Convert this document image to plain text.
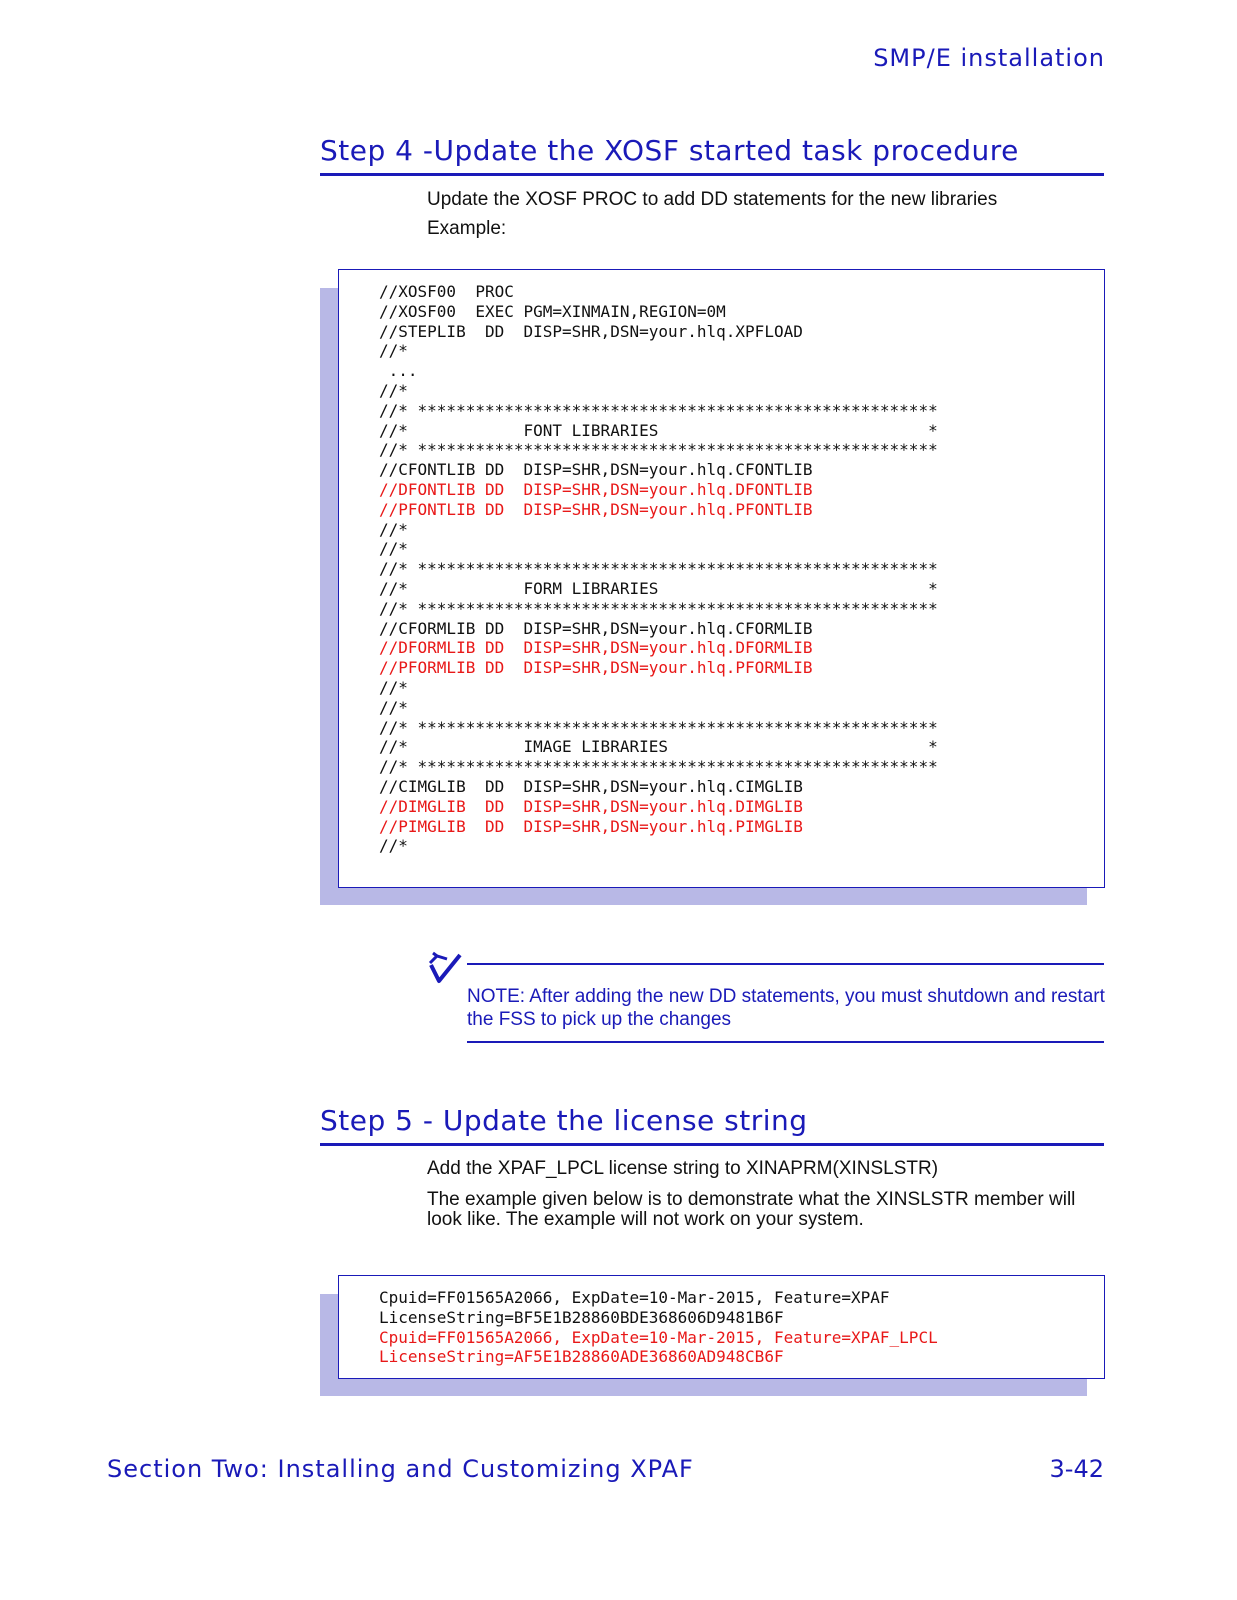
SMP/E installation
Step 4 -Update the XOSF started task procedure
Update the XOSF PROC to add DD statements for the new libraries
Example:
//XOSF00  PROC
//XOSF00  EXEC PGM=XINMAIN,REGION=0M
//STEPLIB  DD  DISP=SHR,DSN=your.hlq.XPFLOAD
//*
...
//*
//* ******************************************************
//*            FONT LIBRARIES                            *
//* ******************************************************
//CFONTLIB DD  DISP=SHR,DSN=your.hlq.CFONTLIB
//DFONTLIB DD  DISP=SHR,DSN=your.hlq.DFONTLIB
//PFONTLIB DD  DISP=SHR,DSN=your.hlq.PFONTLIB
//*
//*
//* ******************************************************
//*            FORM LIBRARIES                            *
//* ******************************************************
//CFORMLIB DD  DISP=SHR,DSN=your.hlq.CFORMLIB
//DFORMLIB DD  DISP=SHR,DSN=your.hlq.DFORMLIB
//PFORMLIB DD  DISP=SHR,DSN=your.hlq.PFORMLIB
//*
//*
//* ******************************************************
//*            IMAGE LIBRARIES                           *
//* ******************************************************
//CIMGLIB  DD  DISP=SHR,DSN=your.hlq.CIMGLIB
//DIMGLIB  DD  DISP=SHR,DSN=your.hlq.DIMGLIB
//PIMGLIB  DD  DISP=SHR,DSN=your.hlq.PIMGLIB
//*
NOTE: After adding the new DD statements, you must shutdown and restart the FSS to pick up the changes
Step 5 - Update the license string
Add the XPAF_LPCL license string to XINAPRM(XINSLSTR)
The example given below is to demonstrate what the XINSLSTR member will look like. The example will not work on your system.
Cpuid=FF01565A2066, ExpDate=10-Mar-2015, Feature=XPAF
LicenseString=BF5E1B28860BDE368606D9481B6F
Cpuid=FF01565A2066, ExpDate=10-Mar-2015, Feature=XPAF_LPCL
LicenseString=AF5E1B28860ADE36860AD948CB6F
Section Two: Installing and Customizing XPAF	3-42
